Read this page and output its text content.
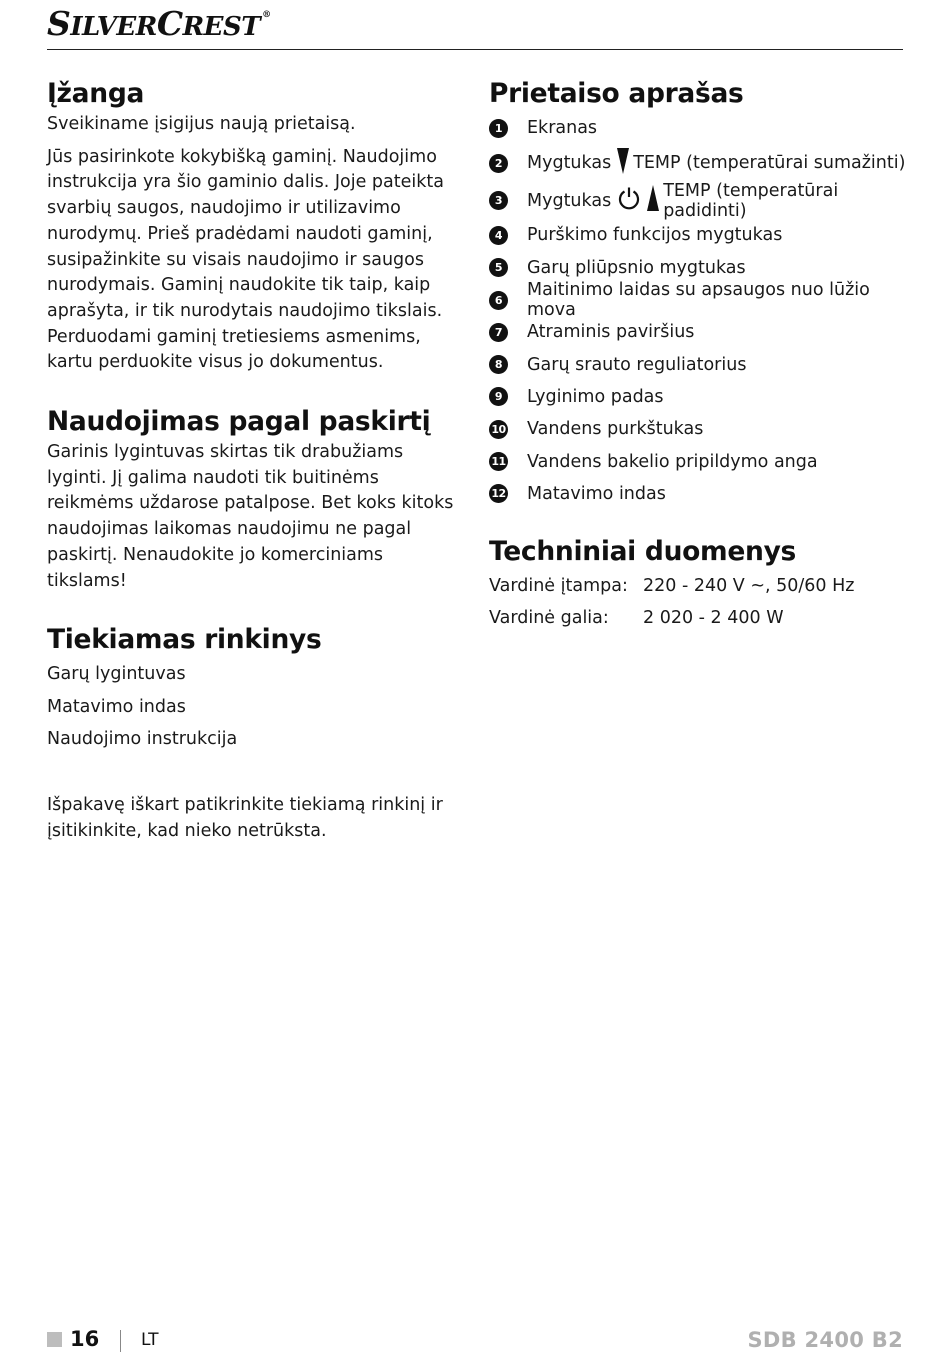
SILVERCREST ®
Įžanga

Sveikiname įsigijus naują prietaisą.

Jūs pasirinkote kokybišką gaminį. Naudojimo instrukcija yra šio gaminio dalis. Joje pateikta svarbių saugos, naudojimo ir utilizavimo nurodymų. Prieš pradėdami naudoti gaminį, susipažinkite su visais naudojimo ir saugos nurodymais. Gaminį naudokite tik taip, kaip aprašyta, ir tik nurodytais naudojimo tikslais. Perduodami gaminį tretiesiems asmenims, kartu perduokite visus jo dokumentus.

Naudojimas pagal paskirtį

Garinis lygintuvas skirtas tik drabužiams lyginti. Jį galima naudoti tik buitinėms reikmėms uždarose patalpose. Bet koks kitoks naudojimas laikomas naudojimu ne pagal paskirtį. Nenaudokite jo komerciniams tikslams!

Tiekiamas rinkinys
Garų lygintuvas
Matavimo indas
Naudojimo instrukcija

Išpakavę iškart patikrinkite tiekiamą rinkinį ir įsitikinkite, kad nieko netrūksta.

Prietaiso aprašas
1	Ekranas
2	Mygtukas TEMP (temperatūrai sumažinti)
3	Mygtukas	TEMP (temperatūrai padidinti)
4	Purškimo funkcijos mygtukas
5	Garų pliūpsnio mygtukas
6	Maitinimo laidas su apsaugos nuo lūžio mova
7	Atraminis paviršius
8	Garų srauto reguliatorius
9	Lyginimo padas
10 Vandens purkštukas
11 Vandens bakelio pripildymo anga
12 Matavimo indas
Techniniai duomenys
Vardinė įtampa: 220 - 240 V ~, 50/60 Hz
Vardinė galia:	2 020 - 2 400 W
16 LT	SDB 2400 B2
